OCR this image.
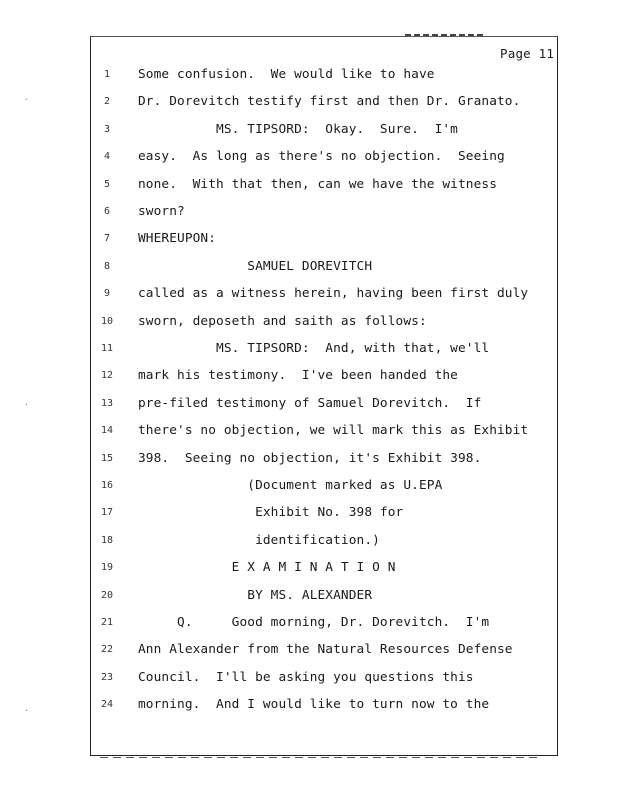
·
·
·
Page 11
1	Some confusion.  We would like to have
2	Dr. Dorevitch testify first and then Dr. Granato.
3	MS. TIPSORD:  Okay.  Sure.  I'm
4	easy.  As long as there's no objection.  Seeing
5	none.  With that then, can we have the witness
6	sworn?
7	WHEREUPON:
8	SAMUEL DOREVITCH
9	called as a witness herein, having been first duly
10	sworn, deposeth and saith as follows:
11	MS. TIPSORD:  And, with that, we'll
12	mark his testimony.  I've been handed the
13	pre-filed testimony of Samuel Dorevitch.  If
14	there's no objection, we will mark this as Exhibit
15	398.  Seeing no objection, it's Exhibit 398.
16	(Document marked as U.EPA
17	Exhibit No. 398 for
18	identification.)
19	E X A M I N A T I O N
20	BY MS. ALEXANDER
21	Q.     Good morning, Dr. Dorevitch.  I'm
22	Ann Alexander from the Natural Resources Defense
23	Council.  I'll be asking you questions this
24	morning.  And I would like to turn now to the
